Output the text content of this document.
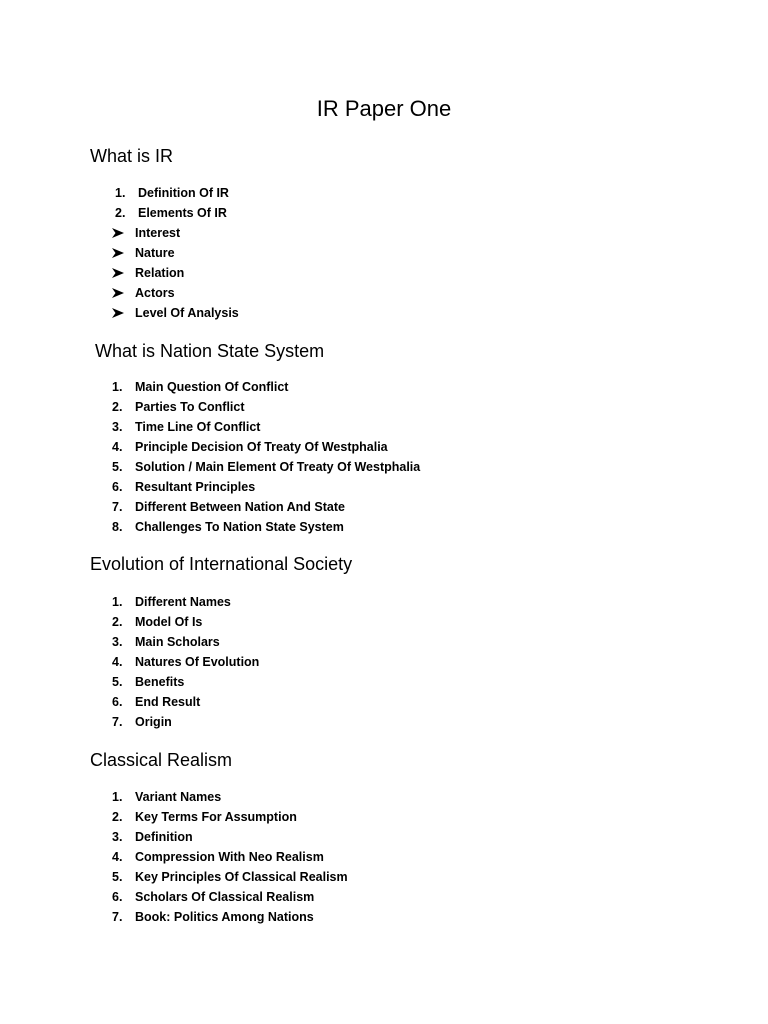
IR Paper One
What is IR
1.	Definition Of IR
2.	Elements Of IR
Interest
Nature
Relation
Actors
Level Of Analysis
What is Nation State System
1.	Main Question Of Conflict
2.	Parties To Conflict
3.	Time Line Of Conflict
4.	Principle Decision Of Treaty Of Westphalia
5.	Solution / Main Element Of Treaty Of Westphalia
6.	Resultant Principles
7.	Different Between Nation And State
8.	Challenges To Nation State System
Evolution of International Society
1.	Different Names
2.	Model Of Is
3.	Main Scholars
4.	Natures Of Evolution
5.	Benefits
6.	End Result
7.	Origin
Classical Realism
1.	Variant Names
2.	Key Terms For Assumption
3.	Definition
4.	Compression With Neo Realism
5.	Key Principles Of Classical Realism
6.	Scholars Of Classical Realism
7.	Book: Politics Among Nations
